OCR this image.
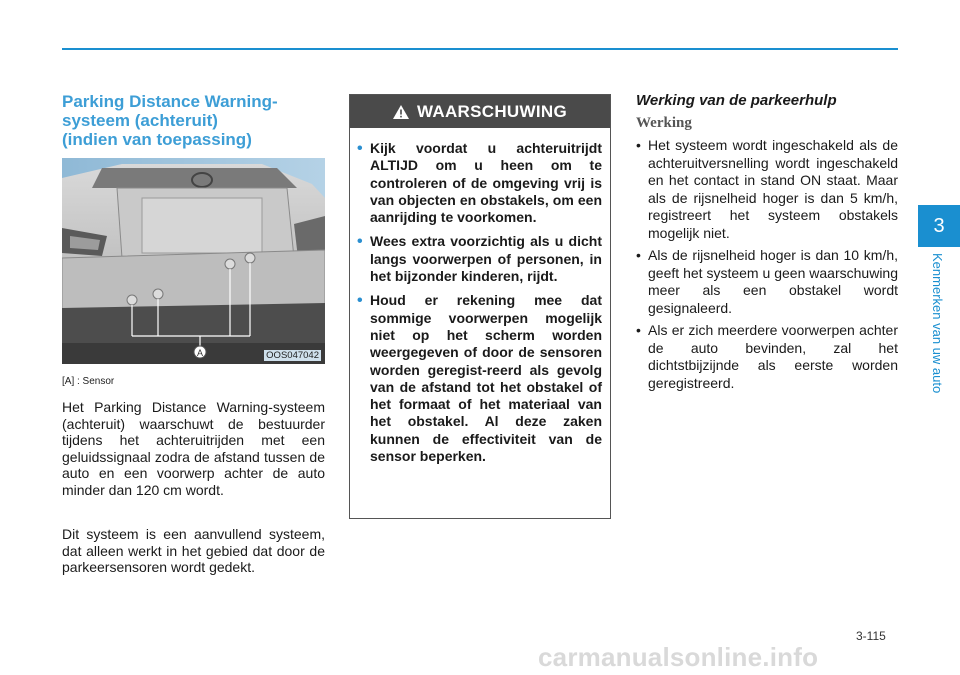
Parking Distance Warning-
systeem (achteruit)
(indien van toepassing)
A	OOS047042
[A] : Sensor

Het Parking Distance Warning-systeem (achteruit) waarschuwt de bestuurder tijdens het achteruitrijden met een geluidssignaal zodra de afstand tussen de auto en een voorwerp achter de auto minder dan 120 cm wordt.

Dit systeem is een aanvullend systeem, dat alleen werkt in het gebied dat door de parkeersensoren wordt gedekt.

WAARSCHUWING
• Kijk voordat u achteruitrijdt ALTIJD om u heen om te controleren of de omgeving vrij is van objecten en obstakels, om een aanrijding te voorkomen.
• Wees extra voorzichtig als u dicht langs voorwerpen of personen, in het bijzonder kinderen, rijdt.
• Houd er rekening mee dat sommige voorwerpen mogelijk niet op het scherm worden weergegeven of door de sensoren worden geregist-reerd als gevolg van de afstand tot het obstakel of het formaat of het materiaal van het obstakel. Al deze zaken kunnen de effectiviteit van de sensor beperken.
Werking van de parkeerhulp
Werking
• Het systeem wordt ingeschakeld als de achteruitversnelling wordt ingeschakeld en het contact in stand ON staat. Maar als de rijsnelheid hoger is dan 5 km/h, registreert het systeem obstakels mogelijk niet.
• Als de rijsnelheid hoger is dan 10 km/h, geeft het systeem u geen waarschuwing meer als een obstakel wordt gesignaleerd.
• Als er zich meerdere voorwerpen achter de auto bevinden, zal het dichtstbijzijnde als eerste worden geregistreerd.
3
Kenmerken van uw auto
3-115
carmanualsonline.info
